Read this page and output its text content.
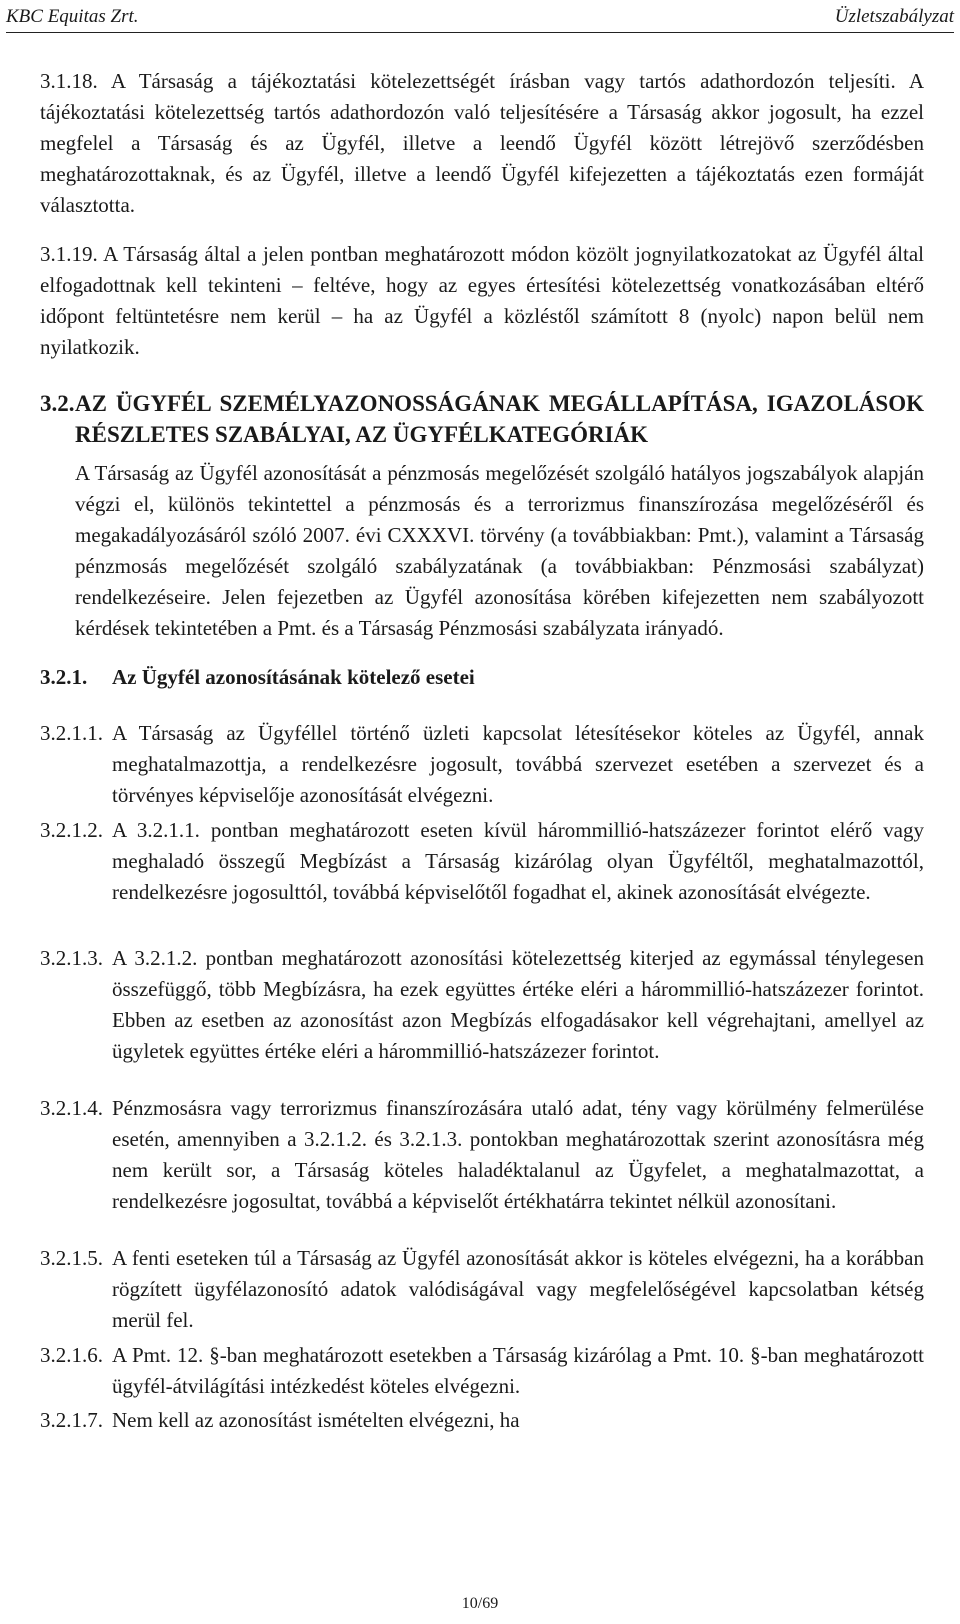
KBC Equitas Zrt.	Üzletszabályzat
3.1.18. A Társaság a tájékoztatási kötelezettségét írásban vagy tartós adathordozón teljesíti. A tájékoztatási kötelezettség tartós adathordozón való teljesítésére a Társaság akkor jogosult, ha ezzel megfelel a Társaság és az Ügyfél, illetve a leendő Ügyfél között létrejövő szerződésben meghatározottaknak, és az Ügyfél, illetve a leendő Ügyfél kifejezetten a tájékoztatás ezen formáját választotta.
3.1.19. A Társaság által a jelen pontban meghatározott módon közölt jognyilatkozatokat az Ügyfél által elfogadottnak kell tekinteni – feltéve, hogy az egyes értesítési kötelezettség vonatkozásában eltérő időpont feltüntetésre nem kerül – ha az Ügyfél a közléstől számított 8 (nyolc) napon belül nem nyilatkozik.
3.2. AZ ÜGYFÉL SZEMÉLYAZONOSSÁGÁNAK MEGÁLLAPÍTÁSA, IGAZOLÁSOK RÉSZLETES SZABÁLYAI, AZ ÜGYFÉLKATEGÓRIÁK
A Társaság az Ügyfél azonosítását a pénzmosás megelőzését szolgáló hatályos jogszabályok alapján végzi el, különös tekintettel a pénzmosás és a terrorizmus finanszírozása megelőzéséről és megakadályozásáról szóló 2007. évi CXXXVI. törvény (a továbbiakban: Pmt.), valamint a Társaság pénzmosás megelőzését szolgáló szabályzatának (a továbbiakban: Pénzmosási szabályzat) rendelkezéseire. Jelen fejezetben az Ügyfél azonosítása körében kifejezetten nem szabályozott kérdések tekintetében a Pmt. és a Társaság Pénzmosási szabályzata irányadó.
3.2.1. Az Ügyfél azonosításának kötelező esetei
3.2.1.1. A Társaság az Ügyféllel történő üzleti kapcsolat létesítésekor köteles az Ügyfél, annak meghatalmazottja, a rendelkezésre jogosult, továbbá szervezet esetében a szervezet és a törvényes képviselője azonosítását elvégezni.
3.2.1.2. A 3.2.1.1. pontban meghatározott eseten kívül hárommillió-hatszázezer forintot elérő vagy meghaladó összegű Megbízást a Társaság kizárólag olyan Ügyféltől, meghatalmazottól, rendelkezésre jogosulttól, továbbá képviselőtől fogadhat el, akinek azonosítását elvégezte.
3.2.1.3. A 3.2.1.2. pontban meghatározott azonosítási kötelezettség kiterjed az egymással ténylegesen összefüggő, több Megbízásra, ha ezek együttes értéke eléri a hárommillió-hatszázezer forintot. Ebben az esetben az azonosítást azon Megbízás elfogadásakor kell végrehajtani, amellyel az ügyletek együttes értéke eléri a hárommillió-hatszázezer forintot.
3.2.1.4. Pénzmosásra vagy terrorizmus finanszírozására utaló adat, tény vagy körülmény felmerülése esetén, amennyiben a 3.2.1.2. és 3.2.1.3. pontokban meghatározottak szerint azonosításra még nem került sor, a Társaság köteles haladéktalanul az Ügyfelet, a meghatalmazottat, a rendelkezésre jogosultat, továbbá a képviselőt értékhatárra tekintet nélkül azonosítani.
3.2.1.5. A fenti eseteken túl a Társaság az Ügyfél azonosítását akkor is köteles elvégezni, ha a korábban rögzített ügyfélazonosító adatok valódiságával vagy megfelelőségével kapcsolatban kétség merül fel.
3.2.1.6. A Pmt. 12. §-ban meghatározott esetekben a Társaság kizárólag a Pmt. 10. §-ban meghatározott ügyfél-átvilágítási intézkedést köteles elvégezni.
3.2.1.7. Nem kell az azonosítást ismételten elvégezni, ha
10/69
